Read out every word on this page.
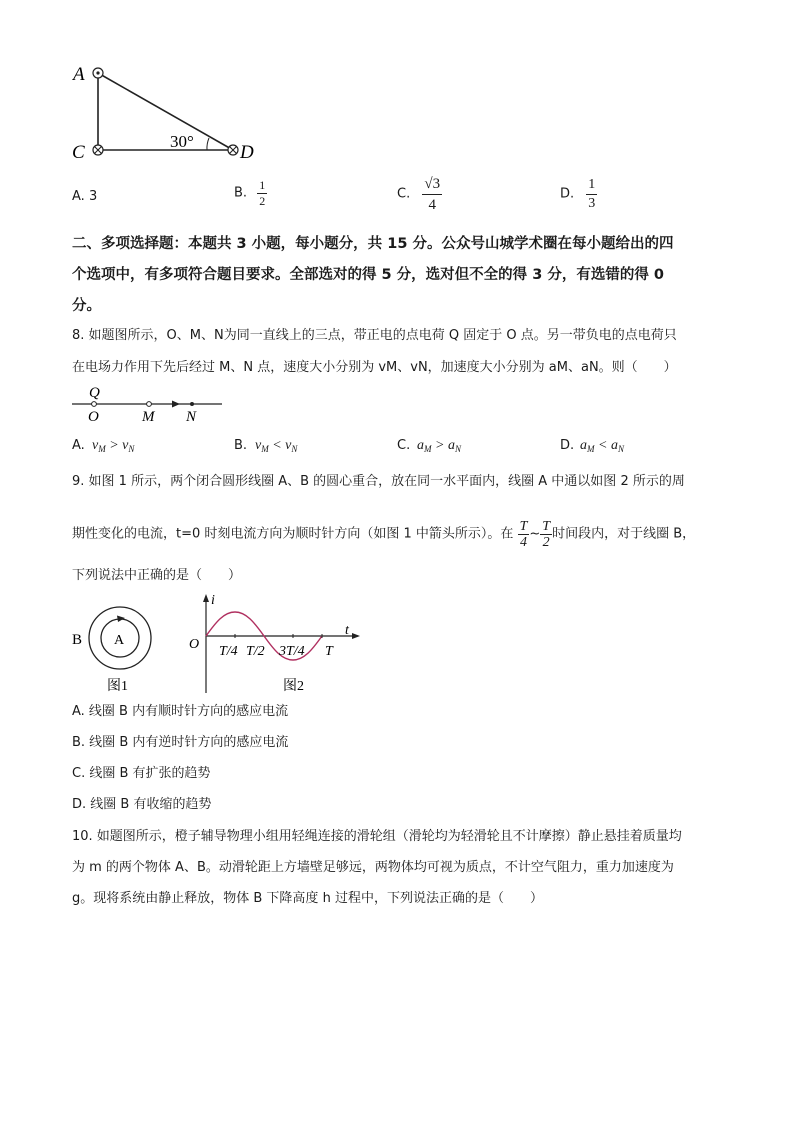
A
C	D
30°
A. 3	B. $\frac{1}{2}$	C. $\frac{√3}{4}$	D. $\frac{1}{3}$
二、多项选择题：本题共 3 小题，每小题分，共 15 分。公众号山城学术圈在每小题给出的四
个选项中，有多项符合题目要求。全部选对的得 5 分，选对但不全的得 3 分，有选错的得 0
分。
8. 如题图所示，O、M、N为同一直线上的三点，带正电的点电荷 Q 固定于 O 点。另一带负电的点电荷只
在电场力作用下先后经过 M、N 点，速度大小分别为 vM、vN，加速度大小分别为 aM、aN。则（　　）
Q
O	M N
A. $v_M > v_N$	B. $v_M < v_N$	C. $a_M > a_N$	D. $a_M < a_N$
9. 如图 1 所示，两个闭合圆形线圈 A、B 的圆心重合，放在同一水平面内，线圈 A 中通以如图 2 所示的周
期性变化的电流，t=0 时刻电流方向为顺时针方向（如图 1 中箭头所示）。在 $\frac{T}{4}$ ~ $\frac{T}{2}$ 时间段内，对于线圈 B，
下列说法中正确的是（　　）
B A
图1
i
t
O T/4 T/2 3T/4 T
图2
A. 线圈 B 内有顺时针方向的感应电流
B. 线圈 B 内有逆时针方向的感应电流
C. 线圈 B 有扩张的趋势
D. 线圈 B 有收缩的趋势
10. 如题图所示，橙子辅导物理小组用轻绳连接的滑轮组（滑轮均为轻滑轮且不计摩擦）静止悬挂着质量均
为 m 的两个物体 A、B。动滑轮距上方墙壁足够远，两物体均可视为质点，不计空气阻力，重力加速度为
g。现将系统由静止释放，物体 B 下降高度 h 过程中，下列说法正确的是（　　）
